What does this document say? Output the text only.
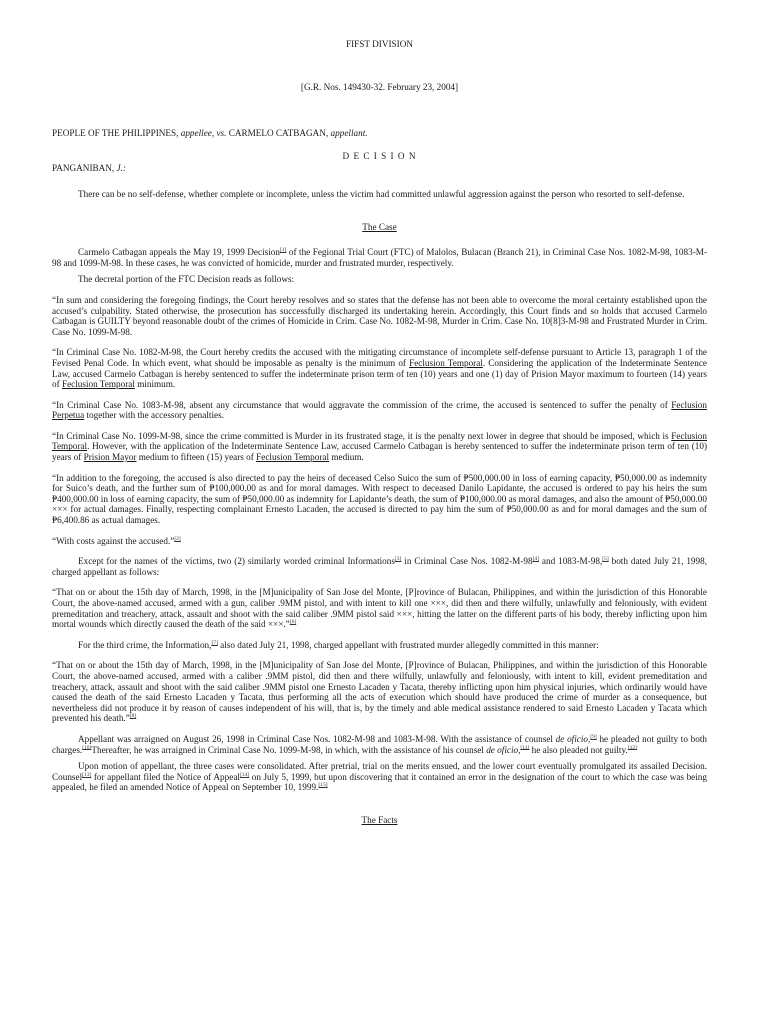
FIFST DIVISION
[G.R. Nos. 149430-32. February 23, 2004]

PEOPLE OF THE PHILIPPINES, appellee, vs. CARMELO CATBAGAN, appellant.

D E C I S I O N

PANGANIBAN, J.:

There can be no self-defense, whether complete or incomplete, unless the victim had committed unlawful aggression against the person who resorted to self-defense.

The Case

Carmelo Catbagan appeals the May 19, 1999 Decision[1] of the Fegional Trial Court (FTC) of Malolos, Bulacan (Branch 21), in Criminal Case Nos. 1082-M-98, 1083-M-98 and 1099-M-98. In these cases, he was convicted of homicide, murder and frustrated murder, respectively.

The decretal portion of the FTC Decision reads as follows:

“In sum and considering the foregoing findings, the Court hereby resolves and so states that the defense has not been able to overcome the moral certainty established upon the accused’s culpability. Stated otherwise, the prosecution has successfully discharged its undertaking herein. Accordingly, this Court finds and so holds that accused Carmelo Catbagan is GUILTY beyond reasonable doubt of the crimes of Homicide in Crim. Case No. 1082-M-98, Murder in Crim. Case No. 10[8]3-M-98 and Frustrated Murder in Crim. Case No. 1099-M-98.

“In Criminal Case No. 1082-M-98, the Court hereby credits the accused with the mitigating circumstance of incomplete self-defense pursuant to Article 13, paragraph 1 of the Fevised Penal Code. In which event, what should be imposable as penalty is the minimum of Feclusion Temporal. Considering the application of the Indeterminate Sentence Law, accused Carmelo Catbagan is hereby sentenced to suffer the indeterminate prison term of ten (10) years and one (1) day of Prision Mayor maximum to fourteen (14) years of Feclusion Temporal minimum.

“In Criminal Case No. 1083-M-98, absent any circumstance that would aggravate the commission of the crime, the accused is sentenced to suffer the penalty of Feclusion Perpetua together with the accessory penalties.

“In Criminal Case No. 1099-M-98, since the crime committed is Murder in its frustrated stage, it is the penalty next lower in degree that should be imposed, which is Feclusion Temporal. However, with the application of the Indeterminate Sentence Law, accused Carmelo Catbagan is hereby sentenced to suffer the indeterminate prison term of ten (10) years of Prision Mayor medium to fifteen (15) years of Feclusion Temporal medium.

“In addition to the foregoing, the accused is also directed to pay the heirs of deceased Celso Suico the sum of ₱500,000.00 in loss of earning capacity, ₱50,000.00 as indemnity for Suico’s death, and the further sum of ₱100,000.00 as and for moral damages. With respect to deceased Danilo Lapidante, the accused is ordered to pay his heirs the sum ₱400,000.00 in loss of earning capacity, the sum of ₱50,000.00 as indemnity for Lapidante’s death, the sum of ₱100,000.00 as moral damages, and also the amount of ₱50,000.00 ××× for actual damages. Finally, respecting complainant Ernesto Lacaden, the accused is directed to pay him the sum of ₱50,000.00 as and for moral damages and the sum of ₱6,400.86 as actual damages.

“With costs against the accused.”[2]

Except for the names of the victims, two (2) similarly worded criminal Informations[3] in Criminal Case Nos. 1082-M-98[4] and 1083-M-98,[5] both dated July 21, 1998, charged appellant as follows:

“That on or about the 15th day of March, 1998, in the [M]unicipality of San Jose del Monte, [P]rovince of Bulacan, Philippines, and within the jurisdiction of this Honorable Court, the above-named accused, armed with a gun, caliber .9MM pistol, and with intent to kill one ×××, did then and there wilfully, unlawfully and feloniously, with evident premeditation and treachery, attack, assault and shoot with the said caliber .9MM pistol said ×××, hitting the latter on the different parts of his body, thereby inflicting upon him mortal wounds which directly caused the death of the said ×××.”[6]

For the third crime, the Information,[7] also dated July 21, 1998, charged appellant with frustrated murder allegedly committed in this manner:

“That on or about the 15th day of March, 1998, in the [M]unicipality of San Jose del Monte, [P]rovince of Bulacan, Philippines, and within the jurisdiction of this Honorable Court, the above-named accused, armed with a caliber .9MM pistol, did then and there wilfully, unlawfully and feloniously, with intent to kill, evident premeditation and treachery, attack, assault and shoot with the said caliber .9MM pistol one Ernesto Lacaden y Tacata, thereby inflicting upon him physical injuries, which ordinarily would have caused the death of the said Ernesto Lacaden y Tacata, thus performing all the acts of execution which should have produced the crime of murder as a consequence, but nevertheless did not produce it by reason of causes independent of his will, that is, by the timely and able medical assistance rendered to said Ernesto Lacaden y Tacata which prevented his death.”[8]

Appellant was arraigned on August 26, 1998 in Criminal Case Nos. 1082-M-98 and 1083-M-98. With the assistance of counsel de oficio,[9] he pleaded not guilty to both charges.[10]Thereafter, he was arraigned in Criminal Case No. 1099-M-98, in which, with the assistance of his counsel de oficio,[11] he also pleaded not guilty.[12]

Upon motion of appellant, the three cases were consolidated. After pretrial, trial on the merits ensued, and the lower court eventually promulgated its assailed Decision. Counsel[13] for appellant filed the Notice of Appeal[14] on July 5, 1999, but upon discovering that it contained an error in the designation of the court to which the case was being appealed, he filed an amended Notice of Appeal on September 10, 1999.[15]

The Facts
